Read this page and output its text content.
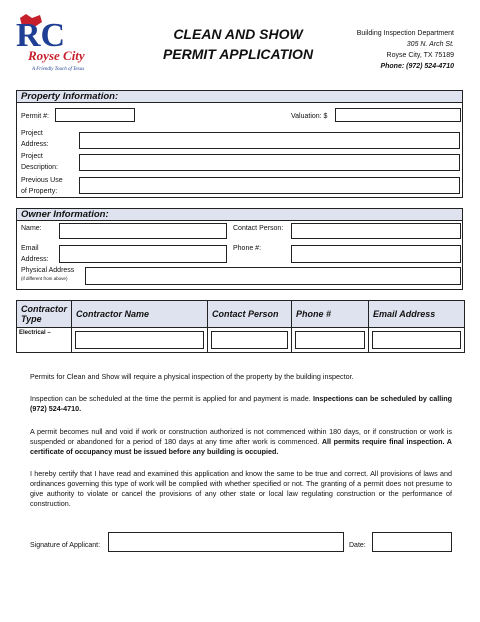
RC
Royse City
A Friendly Touch of Texas
CLEAN AND SHOW
PERMIT APPLICATION
Building Inspection Department
305 N. Arch St.
Royse City, TX 75189
Phone: (972) 524-4710
Property Information:
Permit #:	Valuation: $
Project
Address:
Project
Description:
Previous Use
of Property:
Owner Information:
Name:	Contact Person:
Email
Address:
Phone #:
Physical Address
(if different from above)
Contractor Type	Contractor Name	Contact Person	Phone #	Email Address
Electrical –	

Permits for Clean and Show will require a physical inspection of the property by the building inspector.
Inspection can be scheduled at the time the permit is applied for and payment is made. Inspections can be scheduled by calling (972) 524-4710.
A permit becomes null and void if work or construction authorized is not commenced within 180 days, or if construction or work is suspended or abandoned for a period of 180 days at any time after work is commenced. All permits require final inspection. A certificate of occupancy must be issued before any building is occupied.
I hereby certify that I have read and examined this application and know the same to be true and correct. All provisions of laws and ordinances governing this type of work will be complied with whether specified or not. The granting of a permit does not presume to give authority to violate or cancel the provisions of any other state or local law regulating construction or the performance of construction.
Signature of Applicant:	Date:
